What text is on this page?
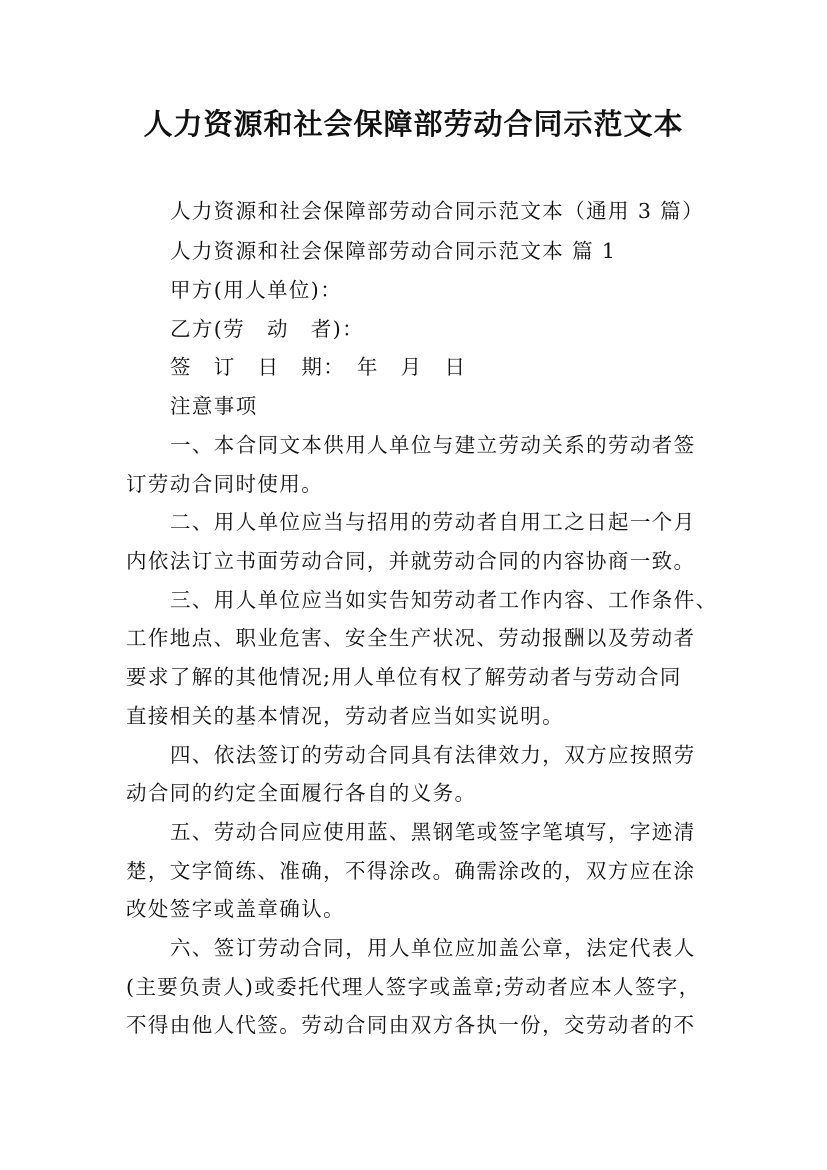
人力资源和社会保障部劳动合同示范文本
人力资源和社会保障部劳动合同示范文本（通用 3 篇）
人力资源和社会保障部劳动合同示范文本 篇 1
甲方(用人单位)：
乙方(劳　动　者)：
签　订　日　期：　年　月　日
注意事项
一、本合同文本供用人单位与建立劳动关系的劳动者签
订劳动合同时使用。
二、用人单位应当与招用的劳动者自用工之日起一个月
内依法订立书面劳动合同，并就劳动合同的内容协商一致。
三、用人单位应当如实告知劳动者工作内容、工作条件、
工作地点、职业危害、安全生产状况、劳动报酬以及劳动者
要求了解的其他情况;用人单位有权了解劳动者与劳动合同
直接相关的基本情况，劳动者应当如实说明。
四、依法签订的劳动合同具有法律效力，双方应按照劳
动合同的约定全面履行各自的义务。
五、劳动合同应使用蓝、黑钢笔或签字笔填写，字迹清
楚，文字简练、准确，不得涂改。确需涂改的，双方应在涂
改处签字或盖章确认。
六、签订劳动合同，用人单位应加盖公章，法定代表人
(主要负责人)或委托代理人签字或盖章;劳动者应本人签字，
不得由他人代签。劳动合同由双方各执一份，交劳动者的不
